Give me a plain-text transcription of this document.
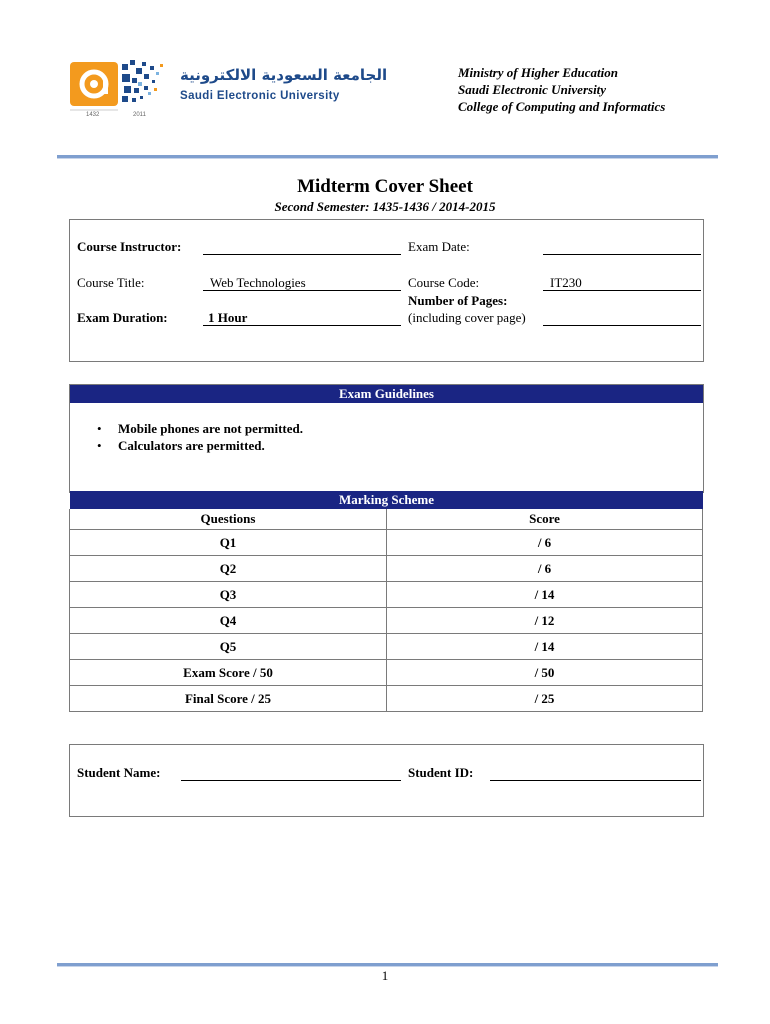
1432	2011
الجامعة السعودية الالكترونية
Saudi Electronic University
Ministry of Higher Education
Saudi Electronic University
College of Computing and Informatics
Midterm Cover Sheet
Second Semester: 1435-1436 / 2014-2015
Course Instructor:	Exam Date:
Course Title:	Web Technologies	Course Code:	IT230
Number of Pages:
(including cover page)
Exam Duration:	1 Hour
Exam Guidelines
• Mobile phones are not permitted.
• Calculators are permitted.
Marking Scheme
Questions	Score
Q1	/ 6
Q2	/ 6
Q3	/ 14
Q4	/ 12
Q5	/ 14
Exam Score / 50	/ 50
Final Score / 25	/ 25
Student Name:	Student ID:
1
